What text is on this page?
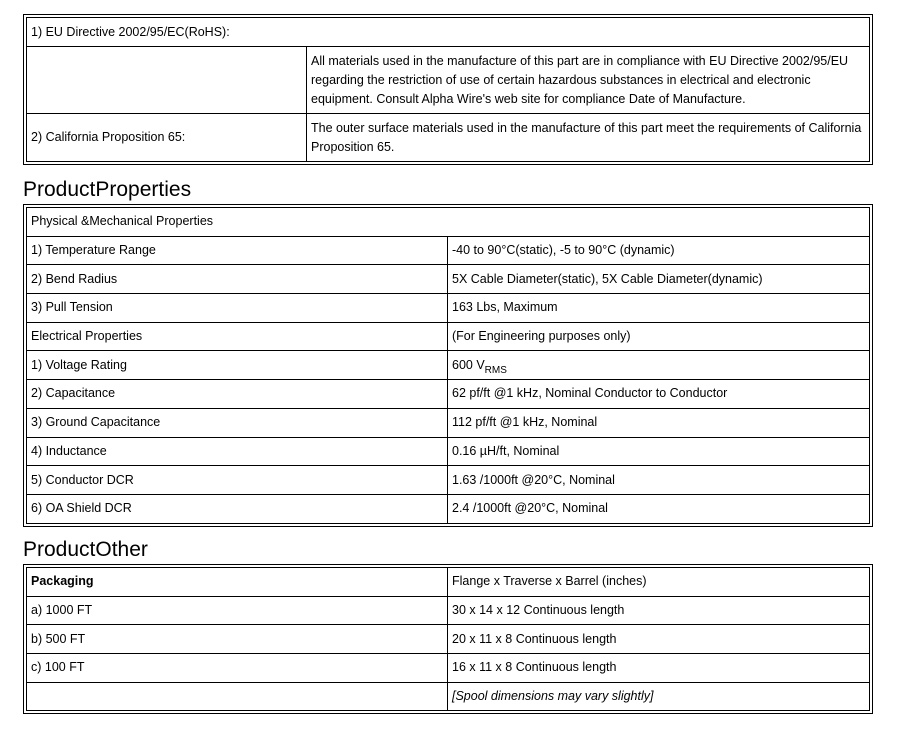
1) EU Directive 2002/95/EC(RoHS):	
	All materials used in the manufacture of this part are in compliance with EU Directive 2002/95/EU regarding the restriction of use of certain hazardous substances in electrical and electronic equipment. Consult Alpha Wire's web site for compliance Date of Manufacture.
2) California Proposition 65:	The outer surface materials used in the manufacture of this part meet the requirements of California Proposition 65.
ProductProperties
Physical &Mechanical Properties	
1) Temperature Range	-40 to 90°C(static), -5 to 90°C (dynamic)
2) Bend Radius	5X Cable Diameter(static), 5X Cable Diameter(dynamic)
3) Pull Tension	163 Lbs, Maximum
Electrical Properties	(For Engineering purposes only)
1) Voltage Rating	600 $V_{RMS}$
2) Capacitance	62 pf/ft @1 kHz, Nominal Conductor to Conductor
3) Ground Capacitance	112 pf/ft @1 kHz, Nominal
4) Inductance	0.16 µH/ft, Nominal
5) Conductor DCR	1.63 /1000ft @20°C, Nominal
6) OA Shield DCR	2.4 /1000ft @20°C, Nominal
ProductOther
Packaging	Flange x Traverse x Barrel (inches)
a) 1000 FT	30 x 14 x 12 Continuous length
b) 500 FT	20 x 11 x 8 Continuous length
c) 100 FT	16 x 11 x 8 Continuous length
	[Spool dimensions may vary slightly]
